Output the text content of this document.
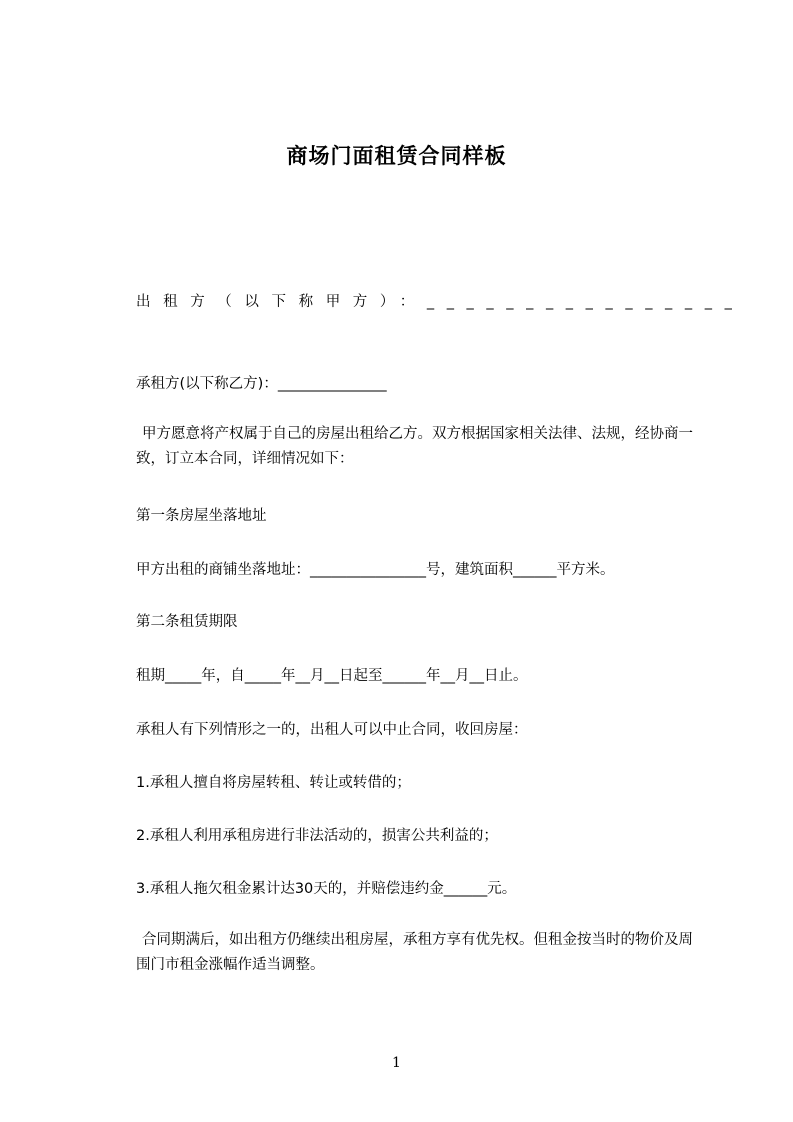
商场门面租赁合同样板
出租方（以下称甲方）：________________
承租方(以下称乙方)：_______________
甲方愿意将产权属于自己的房屋出租给乙方。双方根据国家相关法律、法规，经协商一致，订立本合同，详细情况如下：
第一条房屋坐落地址
甲方出租的商铺坐落地址：________________号，建筑面积______平方米。
第二条租赁期限
租期_____年，自_____年__月__日起至______年__月__日止。
承租人有下列情形之一的，出租人可以中止合同，收回房屋：
1.承租人擅自将房屋转租、转让或转借的；
2.承租人利用承租房进行非法活动的，损害公共利益的；
3.承租人拖欠租金累计达30天的，并赔偿违约金______元。
合同期满后，如出租方仍继续出租房屋，承租方享有优先权。但租金按当时的物价及周围门市租金涨幅作适当调整。
1
